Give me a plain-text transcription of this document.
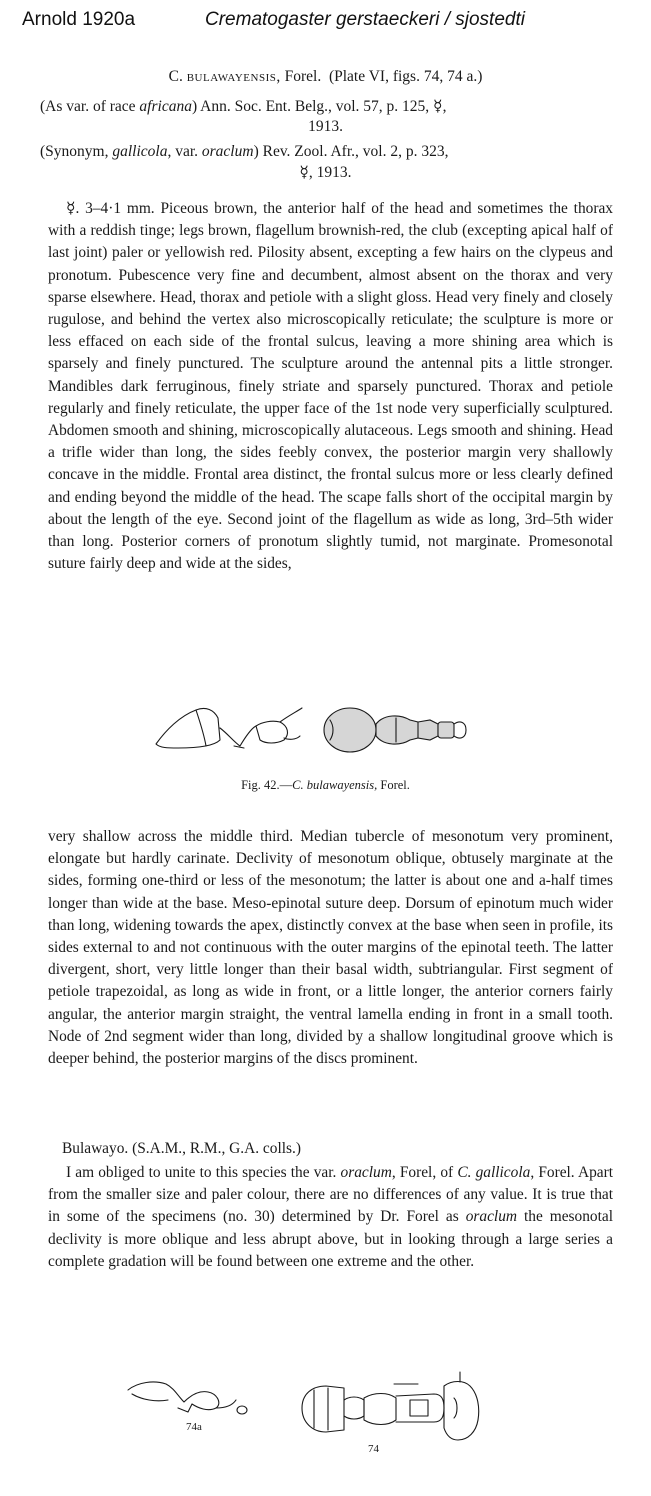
Arnold 1920a	Crematogaster gerstaeckeri / sjostedti
C. bulawayensis, Forel. (Plate VI, figs. 74, 74 a.)
(As var. of race africana) Ann. Soc. Ent. Belg., vol. 57, p. 125, ☿,
1913.
(Synonym, gallicola, var. oraclum) Rev. Zool. Afr., vol. 2, p. 323,
☿, 1913.

☿. 3–4·1 mm. Piceous brown, the anterior half of the head and sometimes the thorax with a reddish tinge; legs brown, flagellum brownish-red, the club (excepting apical half of last joint) paler or yellowish red. Pilosity absent, excepting a few hairs on the clypeus and pronotum. Pubescence very fine and decumbent, almost absent on the thorax and very sparse elsewhere. Head, thorax and petiole with a slight gloss. Head very finely and closely rugulose, and behind the vertex also microscopically reticulate; the sculpture is more or less effaced on each side of the frontal sulcus, leaving a more shining area which is sparsely and finely punctured. The sculpture around the antennal pits a little stronger. Mandibles dark ferruginous, finely striate and sparsely punctured. Thorax and petiole regularly and finely reticulate, the upper face of the 1st node very superficially sculptured. Abdomen smooth and shining, microscopically alutaceous. Legs smooth and shining. Head a trifle wider than long, the sides feebly convex, the posterior margin very shallowly concave in the middle. Frontal area distinct, the frontal sulcus more or less clearly defined and ending beyond the middle of the head. The scape falls short of the occipital margin by about the length of the eye. Second joint of the flagellum as wide as long, 3rd–5th wider than long. Posterior corners of pronotum slightly tumid, not marginate. Promesonotal suture fairly deep and wide at the sides,

Fig. 42.—C. bulawayensis, Forel.

very shallow across the middle third. Median tubercle of mesonotum very prominent, elongate but hardly carinate. Declivity of mesonotum oblique, obtusely marginate at the sides, forming one-third or less of the mesonotum; the latter is about one and a-half times longer than wide at the base. Meso-epinotal suture deep. Dorsum of epinotum much wider than long, widening towards the apex, distinctly convex at the base when seen in profile, its sides external to and not continuous with the outer margins of the epinotal teeth. The latter divergent, short, very little longer than their basal width, subtriangular. First segment of petiole trapezoidal, as long as wide in front, or a little longer, the anterior corners fairly angular, the anterior margin straight, the ventral lamella ending in front in a small tooth. Node of 2nd segment wider than long, divided by a shallow longitudinal groove which is deeper behind, the posterior margins of the discs prominent.

Bulawayo. (S.A.M., R.M., G.A. colls.)

I am obliged to unite to this species the var. oraclum, Forel, of C. gallicola, Forel. Apart from the smaller size and paler colour, there are no differences of any value. It is true that in some of the specimens (no. 30) determined by Dr. Forel as oraclum the mesonotal declivity is more oblique and less abrupt above, but in looking through a large series a complete gradation will be found between one extreme and the other.

74a
74
